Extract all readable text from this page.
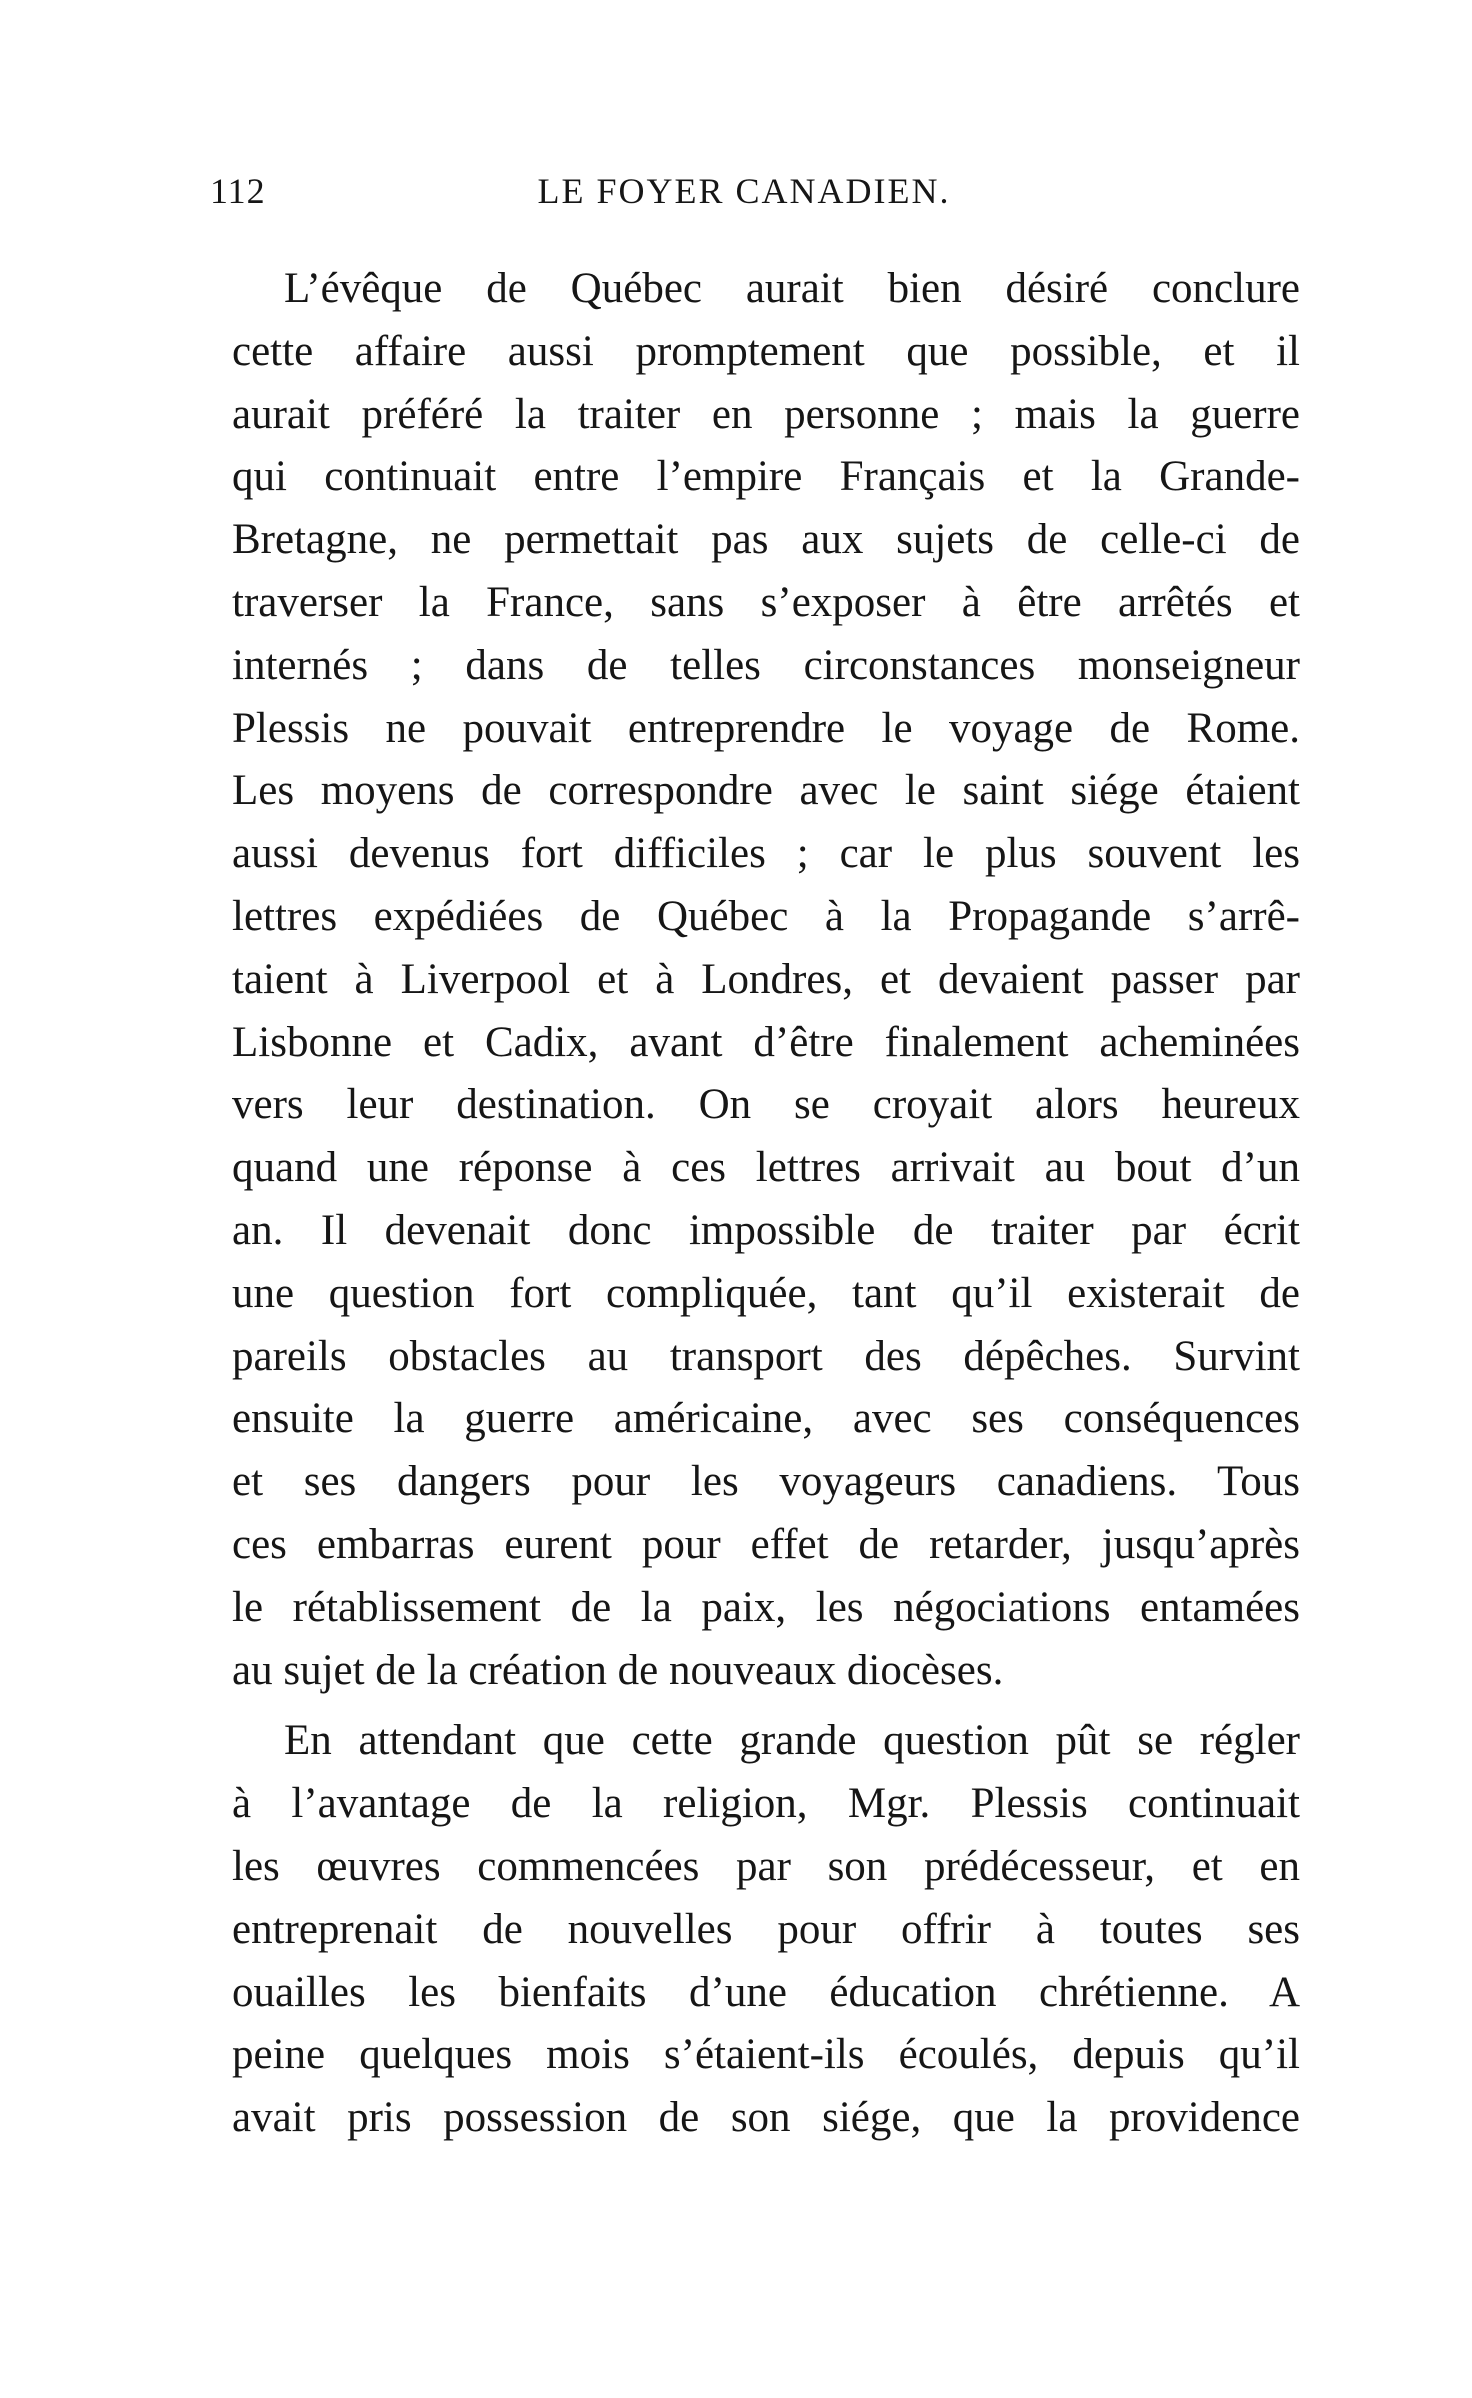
112	LE FOYER CANADIEN.
L’évêque de Québec aurait bien désiré conclure
cette affaire aussi promptement que possible, et il
aurait préféré la traiter en personne ; mais la guerre
qui continuait entre l’empire Français et la Grande-
Bretagne, ne permettait pas aux sujets de celle-ci de
traverser la France, sans s’exposer à être arrêtés et
internés ; dans de telles circonstances monseigneur
Plessis ne pouvait entreprendre le voyage de Rome.
Les moyens de correspondre avec le saint siége étaient
aussi devenus fort difficiles ; car le plus souvent les
lettres expédiées de Québec à la Propagande s’arrê-
taient à Liverpool et à Londres, et devaient passer par
Lisbonne et Cadix, avant d’être finalement acheminées
vers leur destination. On se croyait alors heureux
quand une réponse à ces lettres arrivait au bout d’un
an. Il devenait donc impossible de traiter par écrit
une question fort compliquée, tant qu’il existerait de
pareils obstacles au transport des dépêches. Survint
ensuite la guerre américaine, avec ses conséquences
et ses dangers pour les voyageurs canadiens. Tous
ces embarras eurent pour effet de retarder, jusqu’après
le rétablissement de la paix, les négociations entamées
au sujet de la création de nouveaux diocèses.
En attendant que cette grande question pût se régler
à l’avantage de la religion, Mgr. Plessis continuait
les œuvres commencées par son prédécesseur, et en
entreprenait de nouvelles pour offrir à toutes ses
ouailles les bienfaits d’une éducation chrétienne. A
peine quelques mois s’étaient-ils écoulés, depuis qu’il
avait pris possession de son siége, que la providence
